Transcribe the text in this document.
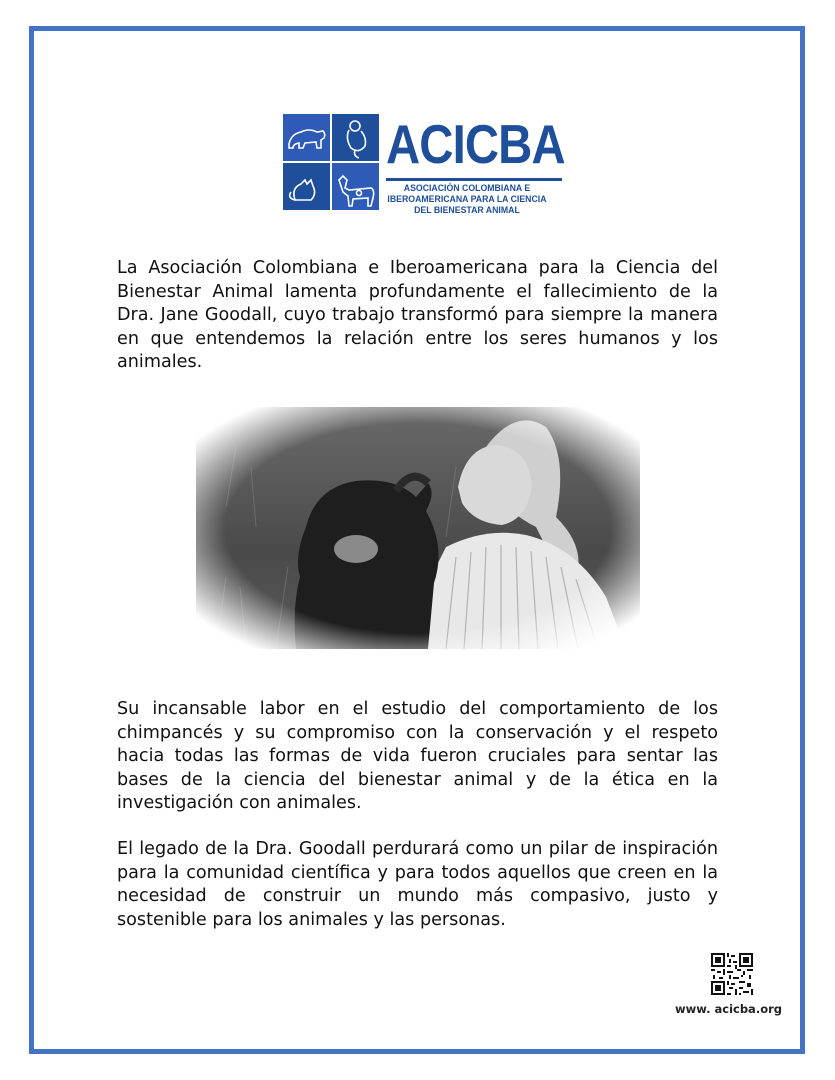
ACICBA
ASOCIACIÓN COLOMBIANA E IBEROAMERICANA PARA LA CIENCIA DEL BIENESTAR ANIMAL

La Asociación Colombiana e Iberoamericana para la Ciencia del Bienestar Animal lamenta profundamente el fallecimiento de la Dra. Jane Goodall, cuyo trabajo transformó para siempre la manera en que entendemos la relación entre los seres humanos y los animales.

Su incansable labor en el estudio del comportamiento de los chimpancés y su compromiso con la conservación y el respeto hacia todas las formas de vida fueron cruciales para sentar las bases de la ciencia del bienestar animal y de la ética en la investigación con animales.

El legado de la Dra. Goodall perdurará como un pilar de inspiración para la comunidad científica y para todos aquellos que creen en la necesidad de construir un mundo más compasivo, justo y sostenible para los animales y las personas.

www. acicba.org
